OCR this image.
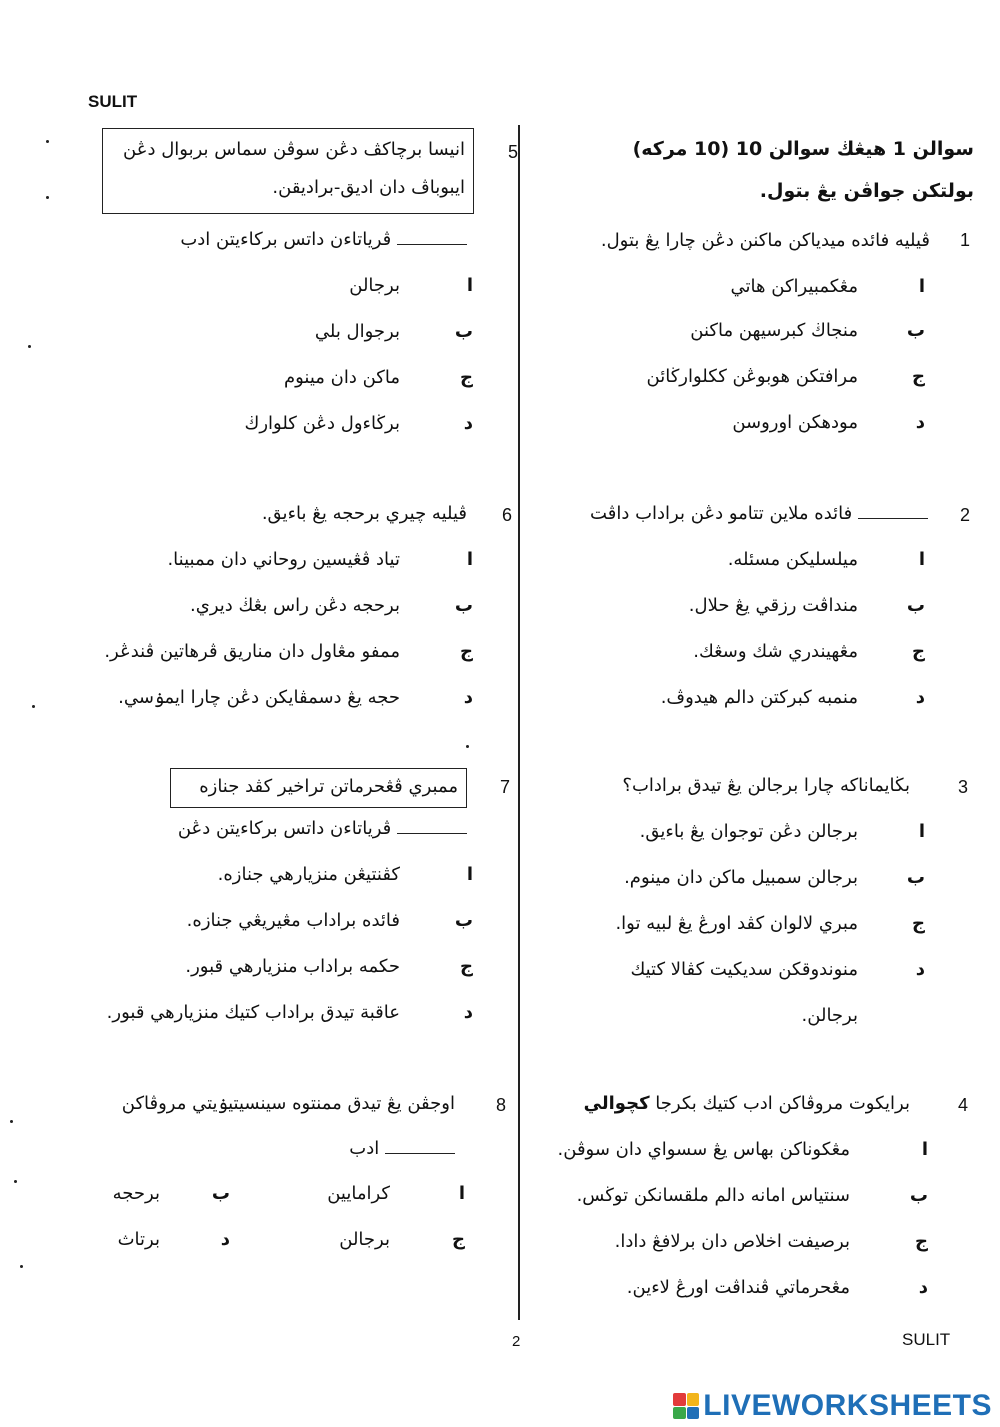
SULIT
سوالن 1 هيڠڬ سوالن 10 (10 مركه)
بولتكن جواڤن يڠ بتول.
1
ڤيليه فائده ميدياكن ماكنن دڠن چارا يڠ بتول.
ا
مڠكمبيراكن هاتي
ب
منجاڬ كبرسيهن ماكنن
ج
مرافتكن هوبوڠن ككلوارڬائن
د
مودهكن اوروسن
2
فائده ملاين تتامو دڠن براداب داڤت
ا
ميلسليكن مسئله.
ب
منداڤت رزقي يڠ حلال.
ج
مڠهيندري شك وسڠك.
د
منمبه كبركتن دالم هيدوڤ.
3
بڬايماناكه چارا برجالن يڠ تيدق براداب؟
ا
برجالن دڠن توجوان يڠ باءيق.
ب
برجالن سمبيل ماكن دان مينوم.
ج
مبري لالوان كڤد اورڠ يڠ لبيه توا.
د
منوندوقكن سديكيت كڤالا كتيك
برجالن.
4
برايكوت مروڤاكن ادب كتيك بكرجا كچوالي
ا
مڠكوناكن بهاس يڠ سسواي دان سوڤن.
ب
سنتياس امانه دالم ملقسانكن توڬس.
ج
برصيفت اخلاص دان برلافڠ دادا.
د
مڠحرماتي ڤنداڤت اورڠ لاءين.
5
انيسا برچاكڤ دڠن سوڤن سماس بربوال دڠن
ايبوباڤ دان اديق-براديقن.
ڤرياتاءن داتس بركاءيتن ادب
ا
برجالن
ب
برجوال بلي
ج
ماكن دان مينوم
د
برڬاءول دڠن كلوارڬ
6
ڤيليه چيري برحجه يڠ باءيق.
ا
تياد ڤڠيسين روحاني دان ممبينا.
ب
برحجه دڠن راس بڠڬ ديري.
ج
ممفو مڠاول دان مناريق ڤرهاتين ڤندڠر.
د
حجه يڠ دسمڤايكن دڠن چارا ايمۏسي.
7
ممبري ڤڠحرماتن تراخير كڤد جنازه
ڤرياتاءن داتس بركاءيتن دڠن
ا
كڤنتيڠن منزيارهي جنازه.
ب
فائده براداب مڠيريڠي جنازه.
ج
حكمه براداب منزيارهي قبور.
د
عاقبة تيدق براداب كتيك منزيارهي قبور.
8
اوجڤن يڠ تيدق ممنتوه سينسيتيۏيتي مروڤاكن
ادب
ا
كرامايين
ب
برحجه
ج
برجالن
د
برتاث
2	SULIT
LIVEWORKSHEETS
